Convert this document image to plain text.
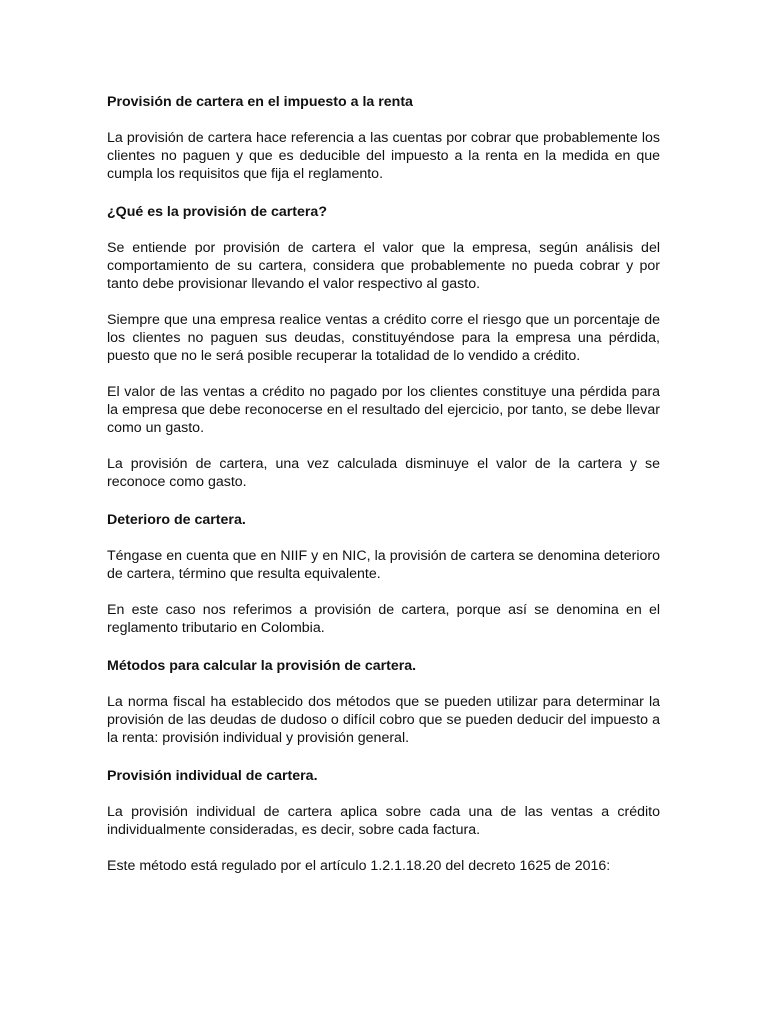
Provisión de cartera en el impuesto a la renta

La provisión de cartera hace referencia a las cuentas por cobrar que probablemente los clientes no paguen y que es deducible del impuesto a la renta en la medida en que cumpla los requisitos que fija el reglamento.

¿Qué es la provisión de cartera?

Se entiende por provisión de cartera el valor que la empresa, según análisis del comportamiento de su cartera, considera que probablemente no pueda cobrar y por tanto debe provisionar llevando el valor respectivo al gasto.

Siempre que una empresa realice ventas a crédito corre el riesgo que un porcentaje de los clientes no paguen sus deudas, constituyéndose para la empresa una pérdida, puesto que no le será posible recuperar la totalidad de lo vendido a crédito.

El valor de las ventas a crédito no pagado por los clientes constituye una pérdida para la empresa que debe reconocerse en el resultado del ejercicio, por tanto, se debe llevar como un gasto.

La provisión de cartera, una vez calculada disminuye el valor de la cartera y se reconoce como gasto.

Deterioro de cartera.

Téngase en cuenta que en NIIF y en NIC, la provisión de cartera se denomina deterioro de cartera, término que resulta equivalente.

En este caso nos referimos a provisión de cartera, porque así se denomina en el reglamento tributario en Colombia.

Métodos para calcular la provisión de cartera.

La norma fiscal ha establecido dos métodos que se pueden utilizar para determinar la provisión de las deudas de dudoso o difícil cobro que se pueden deducir del impuesto a la renta: provisión individual y provisión general.

Provisión individual de cartera.

La provisión individual de cartera aplica sobre cada una de las ventas a crédito individualmente consideradas, es decir, sobre cada factura.

Este método está regulado por el artículo 1.2.1.18.20 del decreto 1625 de 2016:
